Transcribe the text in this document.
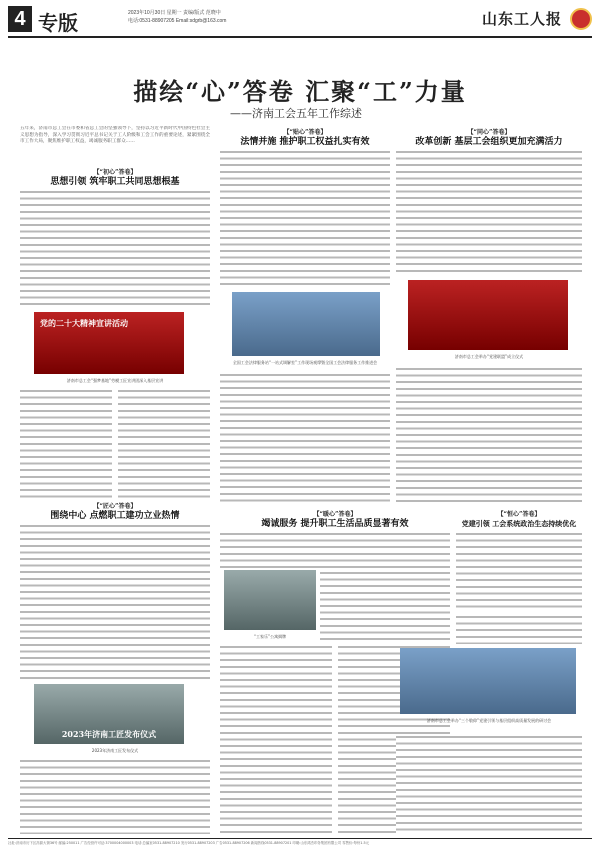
4 专版	2023年10月30日 星期一 责编/版式 范晓中
电话:0531-88907205 Email:sdgrb@163.com	山东工人报
描绘“心”答卷 汇聚“工”力量
——济南工会五年工作综述
五年来，济南市总工会在市委和省总工会的坚强领导下，坚持以习近平新时代中国特色社会主义思想为指导，深入学习贯彻习近平总书记关于工人阶级和工会工作的重要论述，紧紧围绕全市工作大局，聚焦维护职工权益，竭诚服务职工群众……
【“初心”答卷】
思想引领 筑牢职工共同思想根基
党的二十大精神宣讲活动
济南市总工会“强梦基地”劳模工匠宣讲团深入基层宣讲
【“匠心”答卷】
围绕中心 点燃职工建功立业热情
2023年济南工匠发布仪式
2023年济南工匠发布仪式
【“贴心”答卷】
法情并施 推护职工权益扎实有效
全国工会法律服务站“一站式调解室”工作现场观摩暨全国工会法律服务工作推进会
【“暖心”答卷】
竭诚服务 提升职工生活品质显著有效
“工家乐”公寓揭牌
【“同心”答卷】
改革创新 基层工会组织更加充满活力
济南市总工会举办“党建联盟”成立仪式
【“恒心”答卷】
党建引领 工会系统政治生态持续优化
济南市总工会举办“三个敬仰”党建引领与基层组织高质量发展的研讨会
社址:济南市历下区泺源大街36号 邮编:250011 广告经营许可证:3700004000003 电话:总编室0531-88907210 发行0531-88907203 广告0531-88907206 新闻热线0531-88907201 印刷:山东鸿杰印务集团有限公司 零售价:每份1.5元
